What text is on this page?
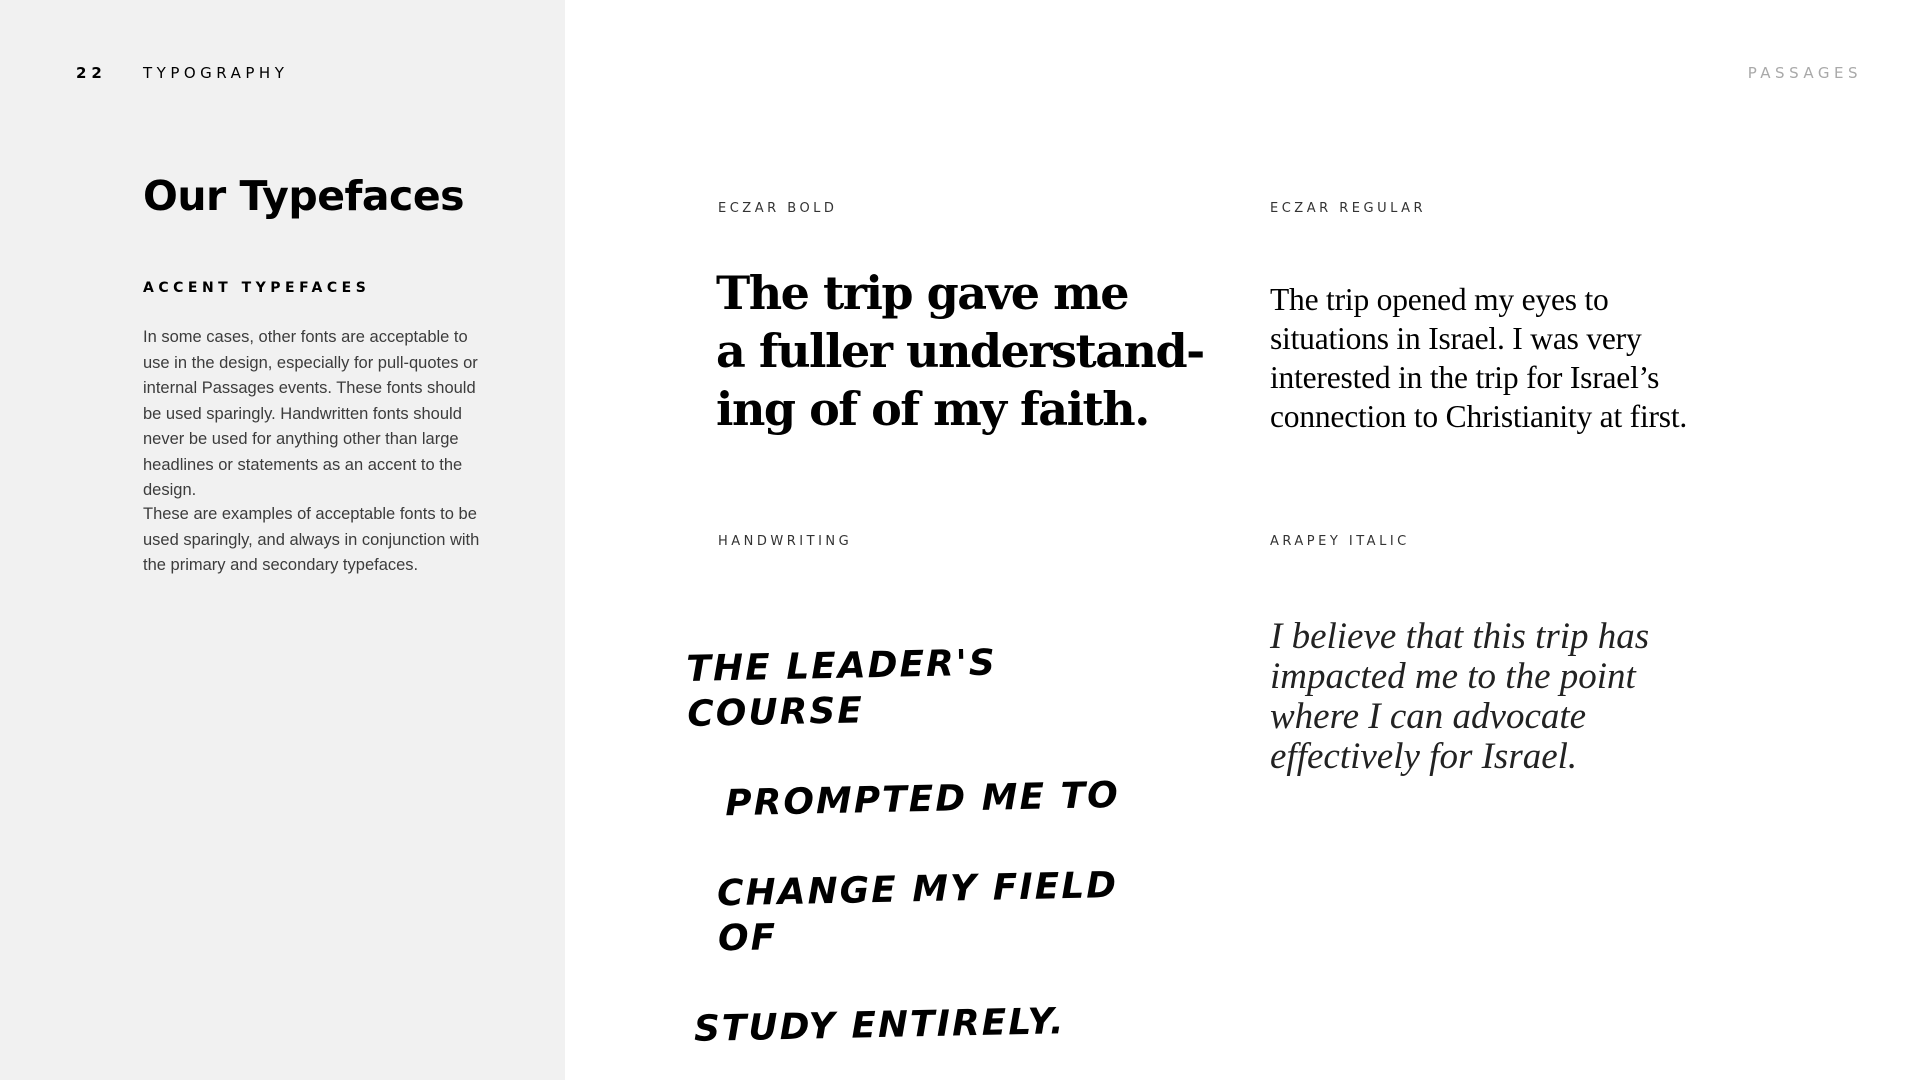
22 TYPOGRAPHY	PASSAGES
Our Typefaces
ACCENT TYPEFACES

In some cases, other fonts are acceptable to use in the design, especially for pull-quotes or internal Passages events. These fonts should be used sparingly. Handwritten fonts should never be used for anything other than large headlines or statements as an accent to the design.

These are examples of acceptable fonts to be used sparingly, and always in conjunction with the primary and secondary typefaces.

ECZAR BOLD

The trip gave me
a fuller understand-
ing of of my faith.

ECZAR REGULAR

The trip opened my eyes to
situations in Israel. I was very
interested in the trip for Israel’s
connection to Christianity at first.

HANDWRITING

THE LEADER'S COURSE

PROMPTED ME TO

CHANGE MY FIELD OF

STUDY ENTIRELY.

ARAPEY ITALIC

I believe that this trip has
impacted me to the point
where I can advocate
effectively for Israel.
